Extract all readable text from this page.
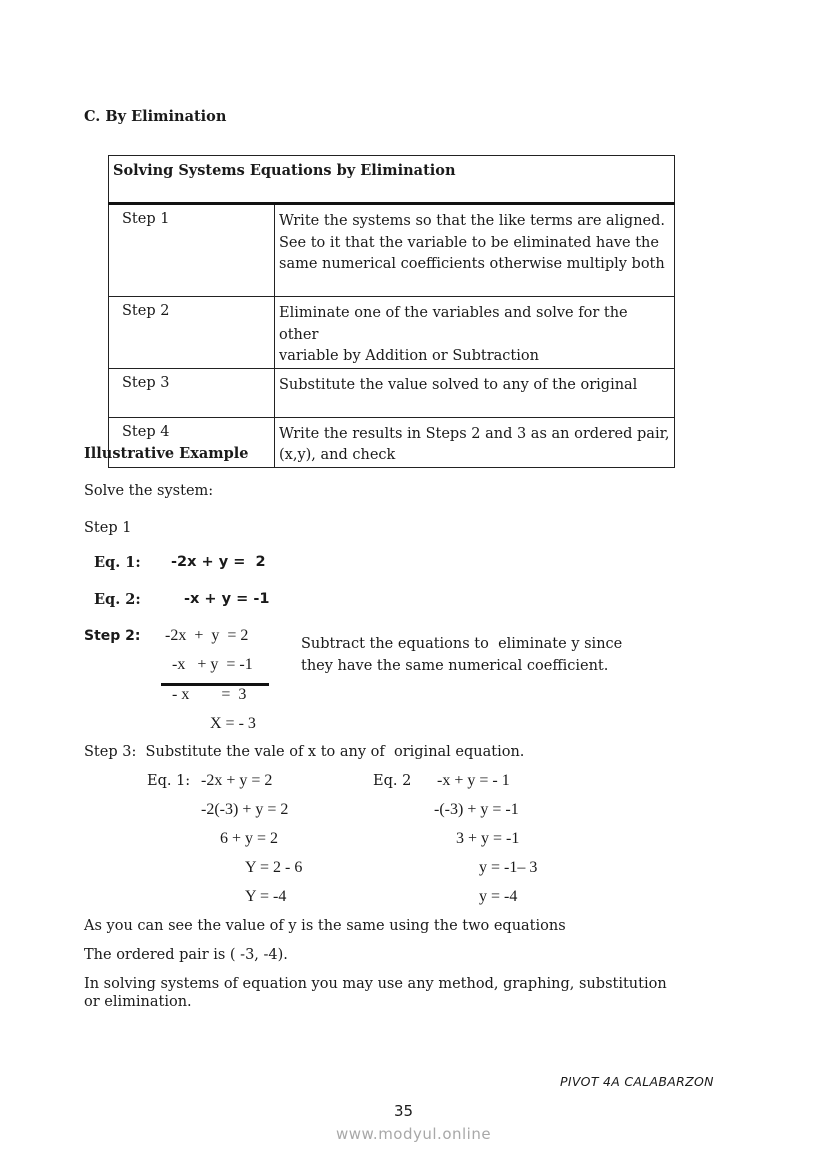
C. By Elimination
Solving Systems Equations by Elimination	
Step 1	Write the systems so that the like terms are aligned.
See to it that the variable to be eliminated have the
same numerical coefficients otherwise multiply both

Step 2	Eliminate one of the variables and solve for the other
variable by Addition or Subtraction

Step 3	Substitute the value solved to any of the original

Step 4	Write the results in Steps 2 and 3 as an ordered pair,
(x,y), and check
Illustrative Example
Solve the system:
Step 1
Eq. 1: -2x + y =  2
Eq. 2:	-x + y = -1
Step 2: -2x  +  y  = 2
-x   + y  = -1
- x        =  3
X = - 3
Subtract the equations to  eliminate y since
they have the same numerical coefficient.
Step 3:  Substitute the vale of x to any of  original equation.
Eq. 1: -2x + y = 2
-2(-3) + y = 2
6 + y = 2
Y = 2 - 6
Y = -4
Eq. 2 -x + y = - 1
-(-3) + y = -1
3 + y = -1
y = -1– 3
y = -4
As you can see the value of y is the same using the two equations
The ordered pair is ( -3, -4).
In solving systems of equation you may use any method, graphing, substitution
or elimination.
PIVOT 4A CALABARZON
35
www.modyul.online
